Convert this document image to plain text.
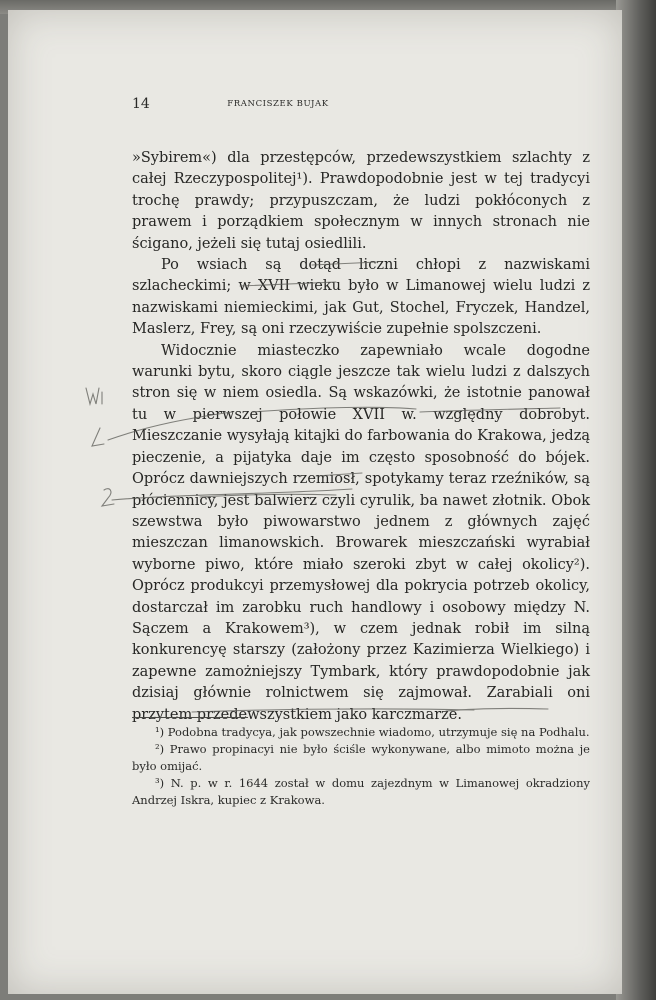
14	FRANCISZEK BUJAK

»Sybirem«) dla przestępców, przedewszystkiem szlachty z całej Rzeczypospolitej¹). Prawdopodobnie jest w tej tradycyi trochę prawdy; przypuszczam, że ludzi pokłóconych z prawem i porządkiem społecznym w innych stronach nie ścigano, jeżeli się tutaj osiedlili.

Po wsiach są dotąd liczni chłopi z nazwiskami szlacheckimi; w XVII wieku było w Limanowej wielu ludzi z nazwiskami niemieckimi, jak Gut, Stochel, Fryczek, Handzel, Maslerz, Frey, są oni rzeczywiście zupełnie spolszczeni.

Widocznie miasteczko zapewniało wcale dogodne warunki bytu, skoro ciągle jeszcze tak wielu ludzi z dalszych stron się w niem osiedla. Są wskazówki, że istotnie panował tu w pierwszej połowie XVII w. względny dobrobyt. Mieszczanie wysyłają kitajki do farbowania do Krakowa, jedzą pieczenie, a pijatyka daje im często sposobność do bójek. Oprócz dawniejszych rzemiosł, spotykamy teraz rzeźników, są płóciennicy, jest balwierz czyli cyrulik, ba nawet złotnik. Obok szewstwa było piwowarstwo jednem z głównych zajęć mieszczan limanowskich. Browarek mieszczański wyrabiał wyborne piwo, które miało szeroki zbyt w całej okolicy²). Oprócz produkcyi przemysłowej dla pokrycia potrzeb okolicy, dostarczał im zarobku ruch handlowy i osobowy między N. Sączem a Krakowem³), w czem jednak robił im silną konkurencyę starszy (założony przez Kazimierza Wielkiego) i zapewne zamożniejszy Tymbark, który prawdopodobnie jak dzisiaj głównie rolnictwem się zajmował. Zarabiali oni przytem przedewszystkiem jako karczmarze.

¹) Podobna tradycya, jak powszechnie wiadomo, utrzymuje się na Podhalu.

²) Prawo propinacyi nie było ściśle wykonywane, albo mimoto można je było omijać.

³) N. p. w r. 1644 został w domu zajezdnym w Limanowej okradziony Andrzej Iskra, kupiec z Krakowa.
